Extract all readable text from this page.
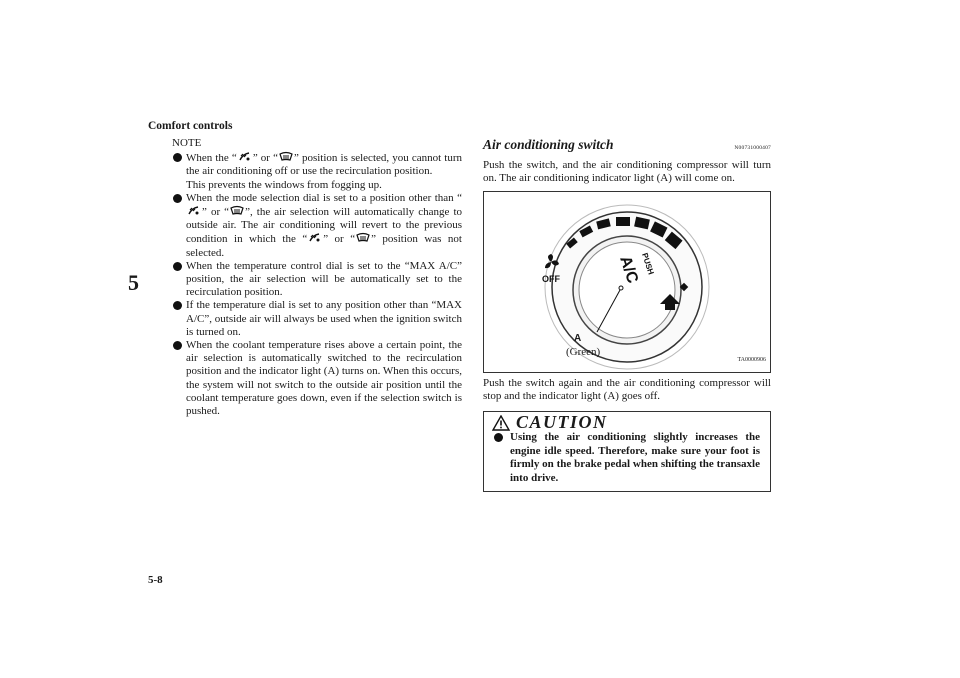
Comfort controls
5
5-8
NOTE
When the “ ” or “ ” position is selected, you cannot turn the air conditioning off or use the recirculation position.
This prevents the windows from fogging up.
When the mode selection dial is set to a position other than “” or “ ”, the air selection will automatically change to outside air. The air conditioning will revert to the previous condition in which the “ ” or “ ” position was not selected.
When the temperature control dial is set to the “MAX A/C” position, the air selection will be automatically set to the recirculation position.
If the temperature dial is set to any position other than “MAX A/C”, outside air will always be used when the ignition switch is turned on.
When the coolant temperature rises above a certain point, the air selection is automatically switched to the recirculation position and the indicator light (A) turns on. When this occurs, the system will not switch to the outside air position until the coolant temperature goes down, even if the selection switch is pushed.
Air conditioning switch	N00731000407

Push the switch, and the air conditioning compressor will turn on. The air conditioning indicator light (A) will come on.

OFF
PUSH
A/C
A
(Green)
TA0000906

Push the switch again and the air conditioning compressor will stop and the indicator light (A) goes off.

CAUTION
Using the air conditioning slightly increases the engine idle speed. Therefore, make sure your foot is firmly on the brake pedal when shifting the transaxle into drive.
